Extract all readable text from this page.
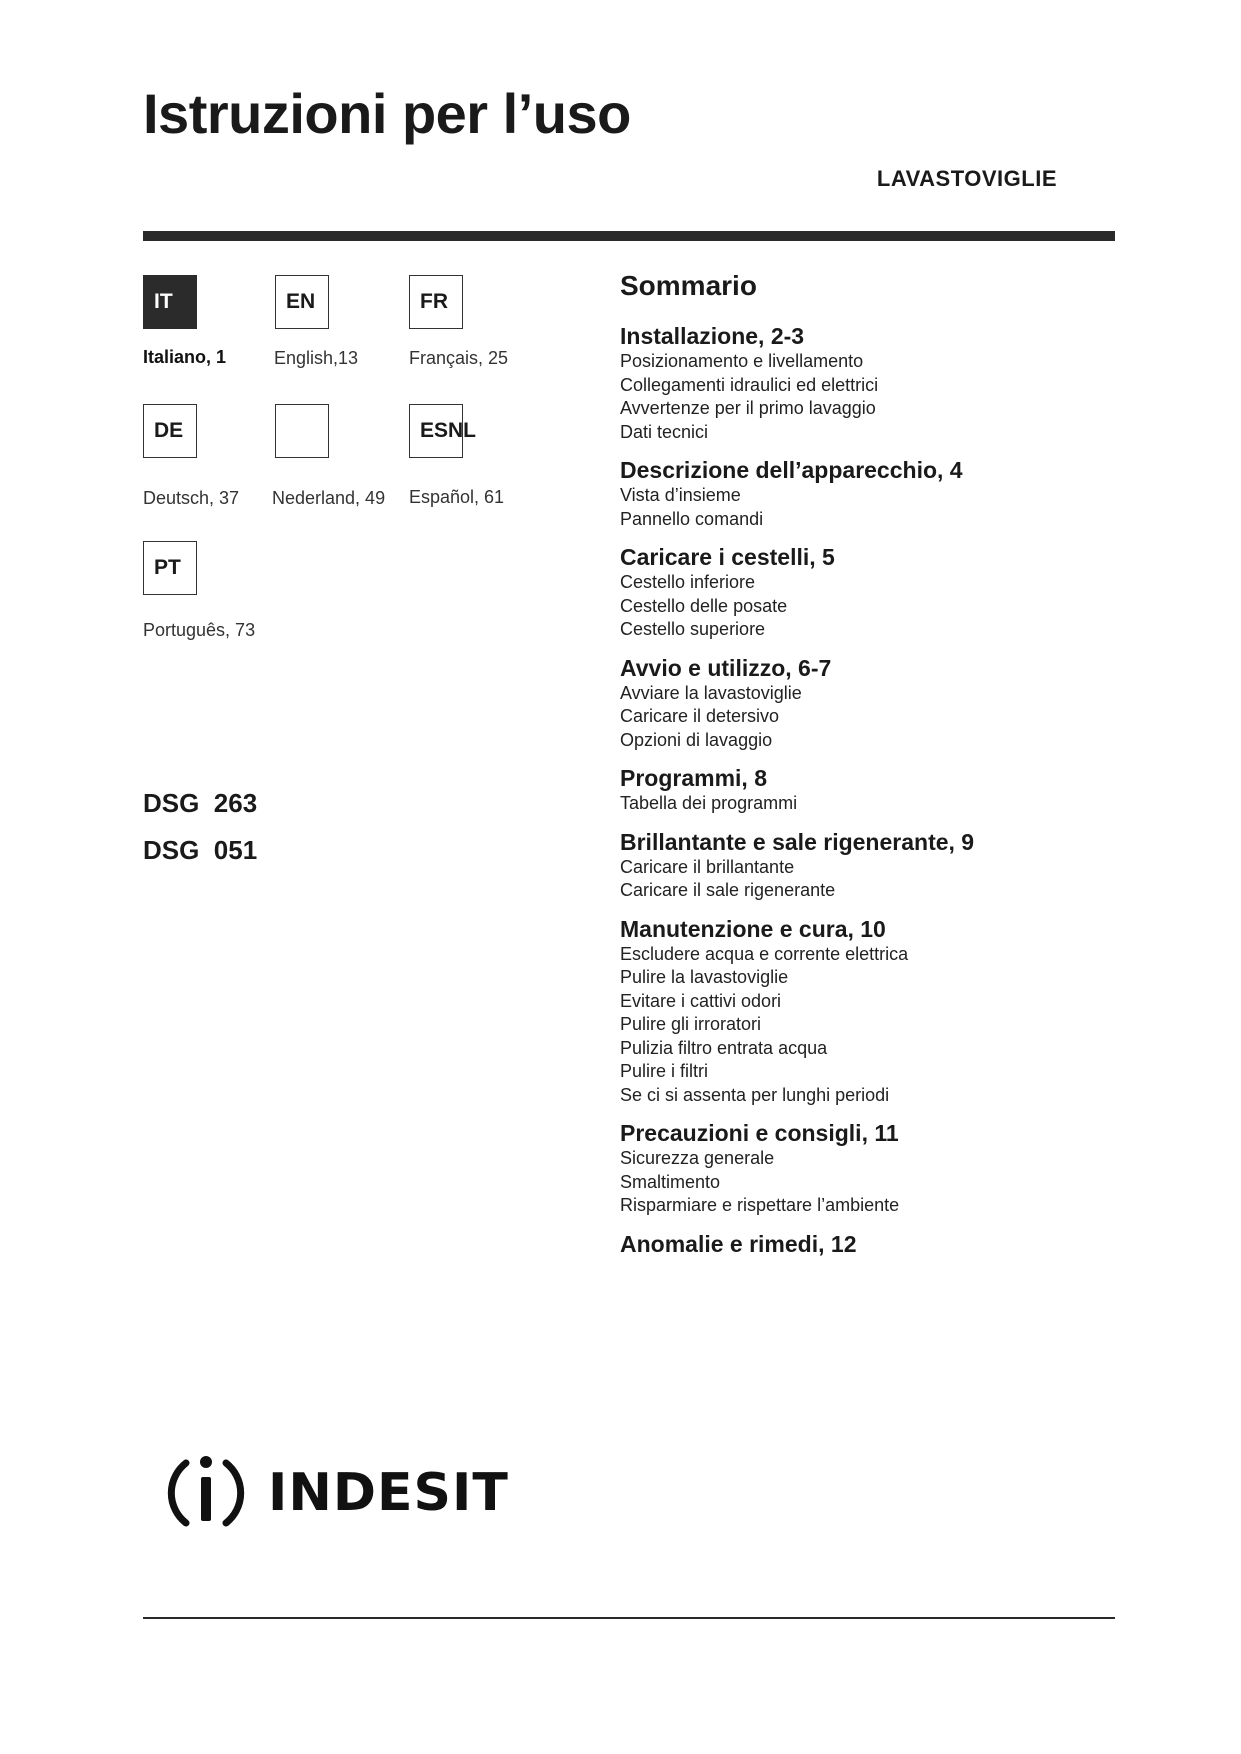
Istruzioni per l’uso
LAVASTOVIGLIE
IT
Italiano, 1
EN
English,13
FR
Français, 25
DE
Deutsch, 37 Nederland, 49
ESNL
Español, 61
PT
Português, 73
DSG  263
DSG  051
Sommario
Installazione, 2-3
Posizionamento e livellamento
Collegamenti idraulici ed elettrici
Avvertenze per il primo lavaggio
Dati tecnici
Descrizione dell’apparecchio, 4
Vista d’insieme
Pannello comandi
Caricare i cestelli, 5
Cestello inferiore
Cestello delle posate
Cestello superiore
Avvio e utilizzo, 6-7
Avviare la lavastoviglie
Caricare il detersivo
Opzioni di lavaggio
Programmi, 8
Tabella dei programmi
Brillantante e sale rigenerante, 9
Caricare il brillantante
Caricare il sale rigenerante
Manutenzione e cura, 10
Escludere acqua e corrente elettrica
Pulire la lavastoviglie
Evitare i cattivi odori
Pulire gli irroratori
Pulizia filtro entrata acqua
Pulire i filtri
Se ci si assenta per lunghi periodi
Precauzioni e consigli, 11
Sicurezza generale
Smaltimento
Risparmiare e rispettare l’ambiente
Anomalie e rimedi, 12
INDESIT
